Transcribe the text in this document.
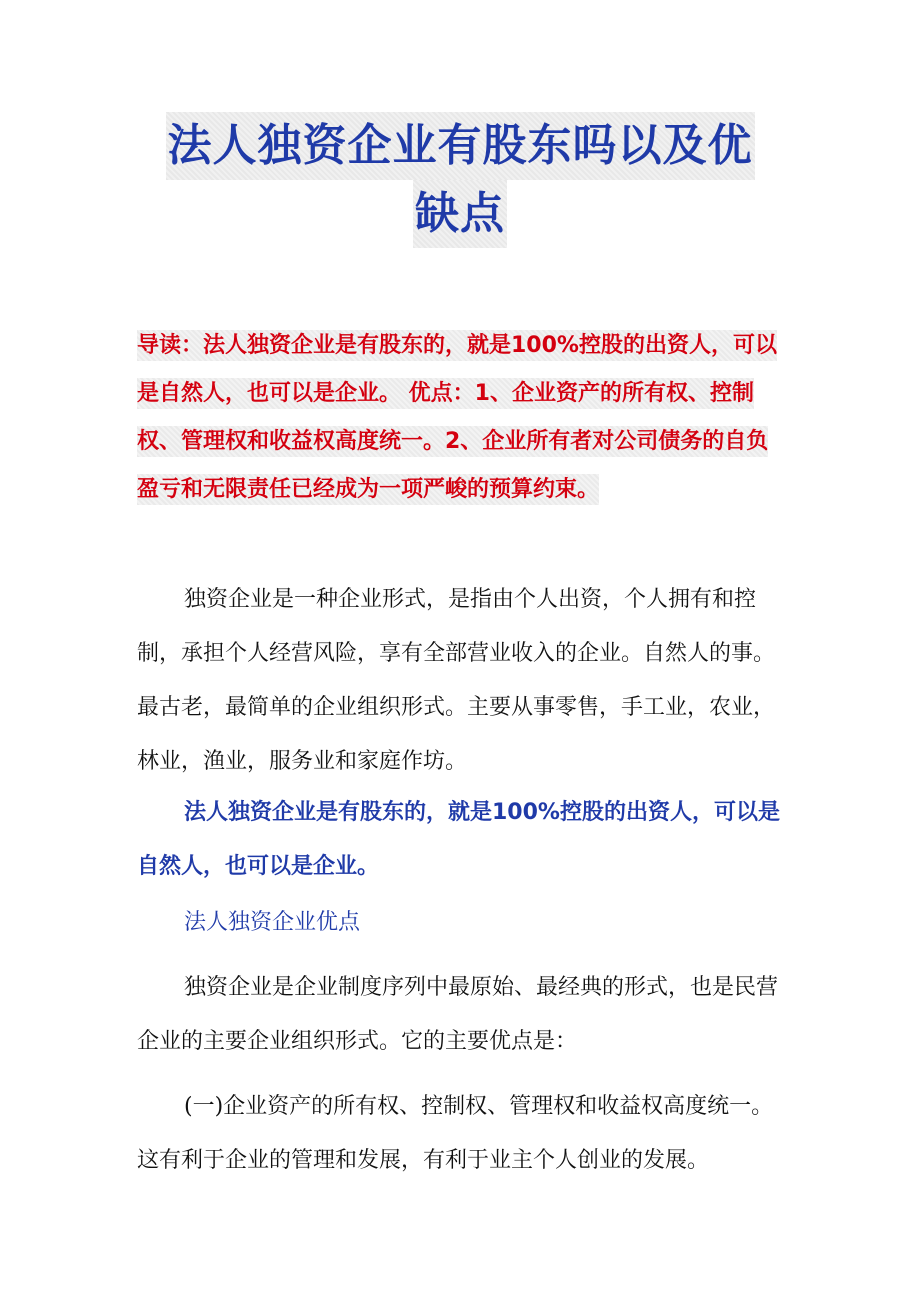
法人独资企业有股东吗以及优
缺点
导读：法人独资企业是有股东的，就是100%控股的出资人，可以是自然人，也可以是企业。 优点：1、企业资产的所有权、控制权、管理权和收益权高度统一。2、企业所有者对公司债务的自负盈亏和无限责任已经成为一项严峻的预算约束。

独资企业是一种企业形式，是指由个人出资，个人拥有和控制，承担个人经营风险，享有全部营业收入的企业。自然人的事。最古老，最简单的企业组织形式。主要从事零售，手工业，农业，林业，渔业，服务业和家庭作坊。

法人独资企业是有股东的，就是100%控股的出资人，可以是自然人，也可以是企业。

法人独资企业优点

独资企业是企业制度序列中最原始、最经典的形式，也是民营企业的主要企业组织形式。它的主要优点是：

(一)企业资产的所有权、控制权、管理权和收益权高度统一。这有利于企业的管理和发展，有利于业主个人创业的发展。
